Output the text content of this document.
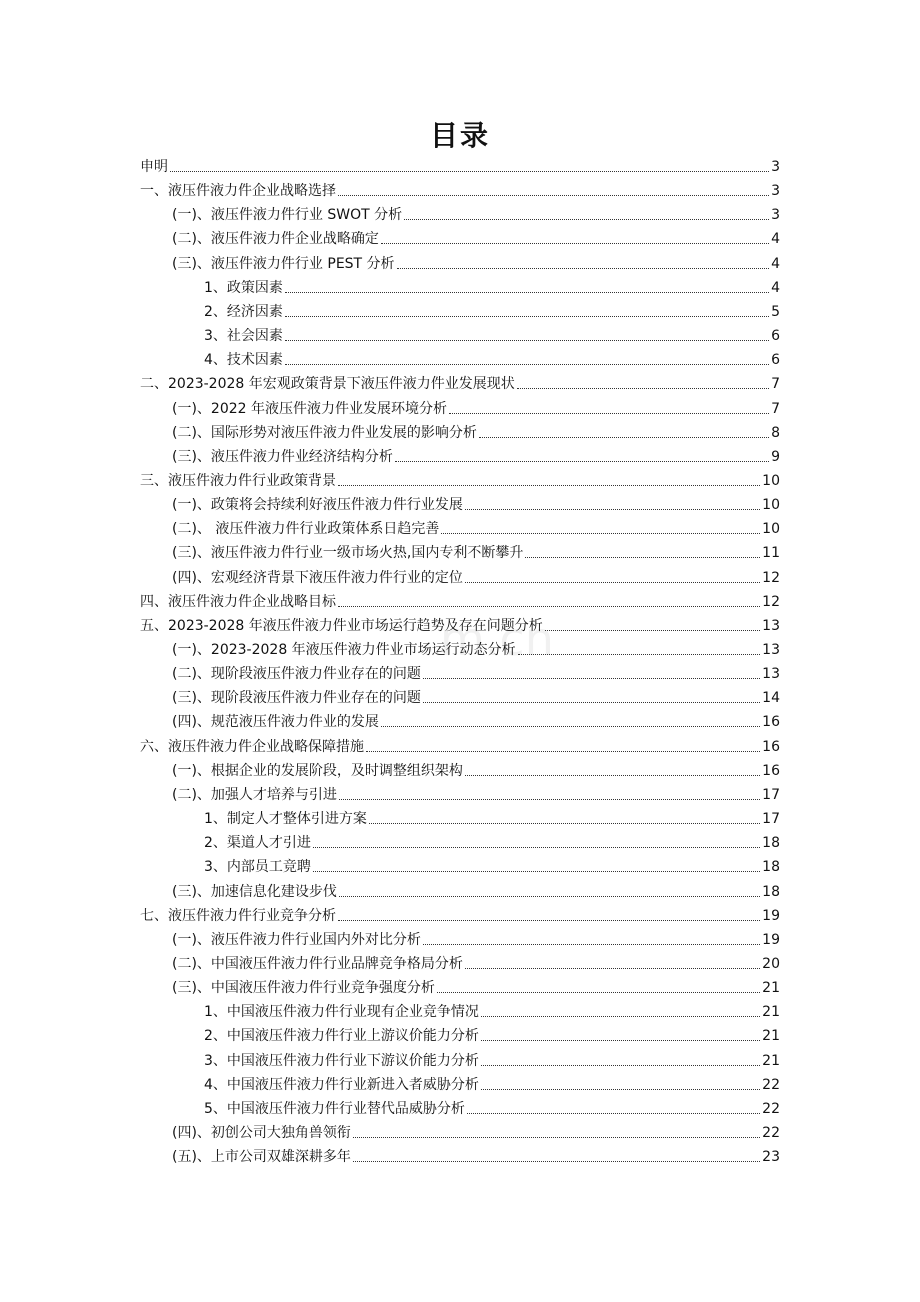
m.cn
目录
申明	3
一、液压件液力件企业战略选择	3
(一)、液压件液力件行业 SWOT 分析	3
(二)、液压件液力件企业战略确定	4
(三)、液压件液力件行业 PEST 分析	4
1、政策因素	4
2、经济因素	5
3、社会因素	6
4、技术因素	6
二、2023-2028 年宏观政策背景下液压件液力件业发展现状	7
(一)、2022 年液压件液力件业发展环境分析	7
(二)、国际形势对液压件液力件业发展的影响分析	8
(三)、液压件液力件业经济结构分析	9
三、液压件液力件行业政策背景	10
(一)、政策将会持续利好液压件液力件行业发展	10
(二)、 液压件液力件行业政策体系日趋完善	10
(三)、液压件液力件行业一级市场火热,国内专利不断攀升	11
(四)、宏观经济背景下液压件液力件行业的定位	12
四、液压件液力件企业战略目标	12
五、2023-2028 年液压件液力件业市场运行趋势及存在问题分析	13
(一)、2023-2028 年液压件液力件业市场运行动态分析	13
(二)、现阶段液压件液力件业存在的问题	13
(三)、现阶段液压件液力件业存在的问题	14
(四)、规范液压件液力件业的发展	16
六、液压件液力件企业战略保障措施	16
(一)、根据企业的发展阶段，及时调整组织架构	16
(二)、加强人才培养与引进	17
1、制定人才整体引进方案	17
2、渠道人才引进	18
3、内部员工竞聘	18
(三)、加速信息化建设步伐	18
七、液压件液力件行业竞争分析	19
(一)、液压件液力件行业国内外对比分析	19
(二)、中国液压件液力件行业品牌竞争格局分析	20
(三)、中国液压件液力件行业竞争强度分析	21
1、中国液压件液力件行业现有企业竞争情况	21
2、中国液压件液力件行业上游议价能力分析	21
3、中国液压件液力件行业下游议价能力分析	21
4、中国液压件液力件行业新进入者威胁分析	22
5、中国液压件液力件行业替代品威胁分析	22
(四)、初创公司大独角兽领衔	22
(五)、上市公司双雄深耕多年	23
